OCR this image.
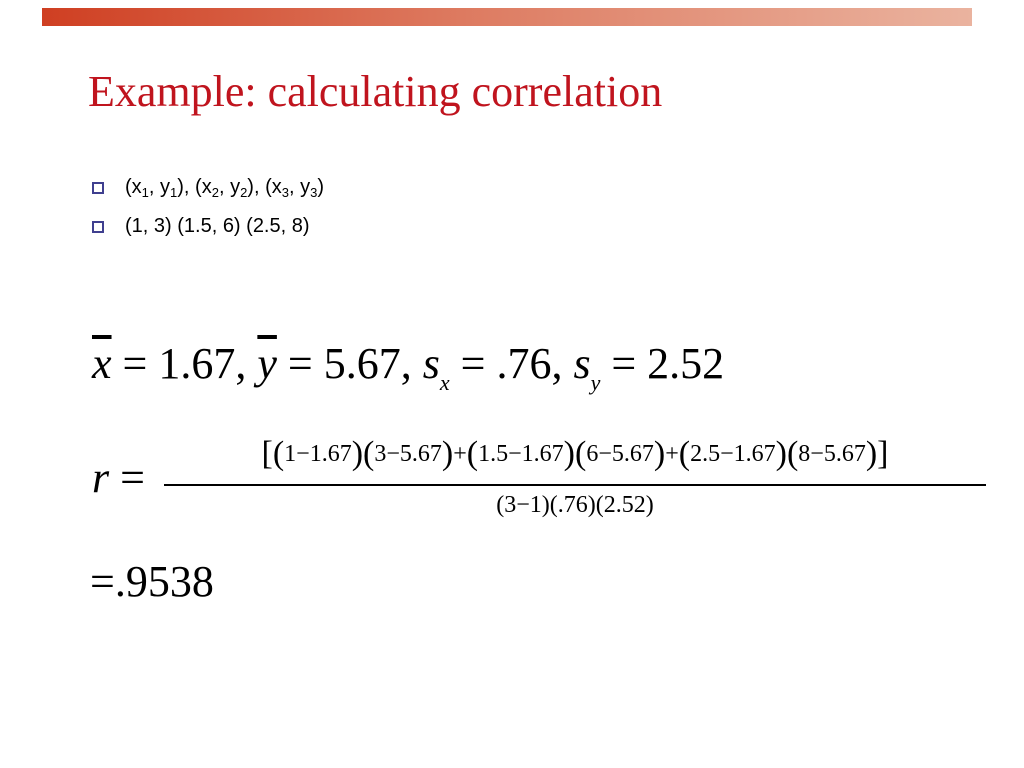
Example: calculating correlation
($x_1$, $y_1$), ($x_2$, $y_2$), ($x_3$, $y_3$)
(1, 3) (1.5, 6) (2.5, 8)
$\overline{x} = 1.67$, $\overline{y} = 5.67$, $s_x = .76$, $s_y = 2.52$
r =	[(1−1.67)(3−5.67)+(1.5−1.67)(6−5.67)+(2.5−1.67)(8−5.67)]
(3−1)(.76)(2.52)
=.9538
